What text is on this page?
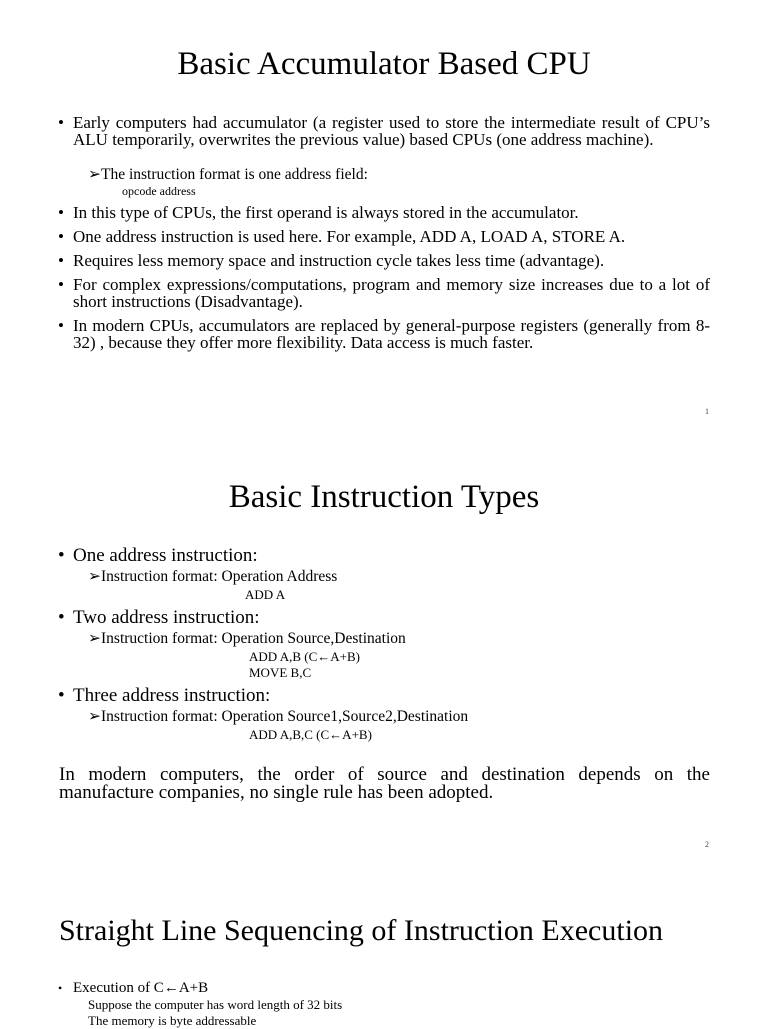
Basic Accumulator Based CPU
• Early computers had accumulator (a register used to store the intermediate result of CPU’s ALU temporarily, overwrites the previous value) based CPUs (one address machine).
➢The instruction format is one address field:
opcode address
• In this type of CPUs, the first operand is always stored in the accumulator.
• One address instruction is used here. For example, ADD A, LOAD A, STORE A.
• Requires less memory space and instruction cycle takes less time (advantage).
• For complex expressions/computations, program and memory size increases due to a lot of short instructions (Disadvantage).
• In modern CPUs, accumulators are replaced by general-purpose registers (generally from 8-32) , because they offer more flexibility. Data access is much faster.
1
Basic Instruction Types
• One address instruction:
➢Instruction format: Operation Address
ADD A
• Two address instruction:
➢Instruction format: Operation Source,Destination
ADD A,B (C←A+B)
MOVE B,C
• Three address instruction:
➢Instruction format: Operation Source1,Source2,Destination
ADD A,B,C (C←A+B)
In modern computers, the order of source and destination depends on the manufacture companies, no single rule has been adopted.
2
Straight Line Sequencing of Instruction Execution
• Execution of C←A+B
Suppose the computer has word length of 32 bits
The memory is byte addressable
